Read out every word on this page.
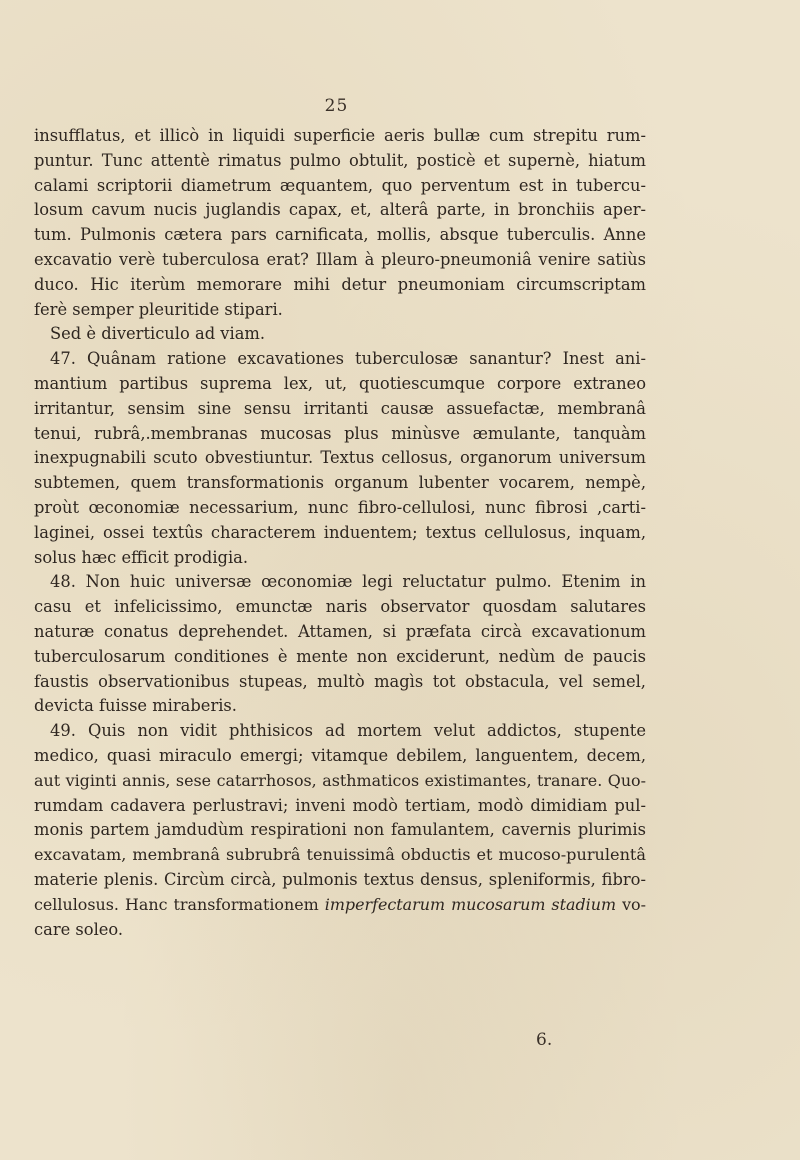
25
insufflatus, et illicò in liquidi superficie aeris bullæ cum strepitu rum-
puntur. Tunc attentè rimatus pulmo obtulit, posticè et supernè, hiatum
calami scriptorii diametrum æquantem, quo perventum est in tubercu-
losum cavum nucis juglandis capax, et, alterâ parte, in bronchiis aper-
tum. Pulmonis cætera pars carnificata, mollis, absque tuberculis. Anne
excavatio verè tuberculosa erat? Illam à pleuro-pneumoniâ venire satiùs
duco. Hic iterùm memorare mihi detur pneumoniam circumscriptam
ferè semper pleuritide stipari.
Sed è diverticulo ad viam.
47. Quânam ratione excavationes tuberculosæ sanantur? Inest ani-
mantium partibus suprema lex, ut, quotiescumque corpore extraneo
irritantur, sensim sine sensu irritanti causæ assuefactæ, membranâ
tenui, rubrâ,.membranas mucosas plus minùsve æmulante, tanquàm
inexpugnabili scuto obvestiuntur. Textus cellosus, organorum universum
subtemen, quem transformationis organum lubenter vocarem, nempè,
proùt œconomiæ necessarium, nunc fibro-cellulosi, nunc fibrosi ,carti-
laginei, ossei textûs characterem induentem; textus cellulosus, inquam,
solus hæc efficit prodigia.
48. Non huic universæ œconomiæ legi reluctatur pulmo. Etenim in
casu et infelicissimo, emunctæ naris observator quosdam salutares
naturæ conatus deprehendet. Attamen, si præfata circà excavationum
tuberculosarum conditiones è mente non exciderunt, nedùm de paucis
faustis observationibus stupeas, multò magìs tot obstacula, vel semel,
devicta fuisse miraberis.
49. Quis non vidit phthisicos ad mortem velut addictos, stupente
medico, quasi miraculo emergi; vitamque debilem, languentem, decem,
aut viginti annis, sese catarrhosos, asthmaticos existimantes, tranare. Quo-
rumdam cadavera perlustravi; inveni modò tertiam, modò dimidiam pul-
monis partem jamdudùm respirationi non famulantem, cavernis plurimis
excavatam, membranâ subrubrâ tenuissimâ obductis et mucoso-purulentâ
materie plenis. Circùm circà, pulmonis textus densus, spleniformis, fibro-
cellulosus. Hanc transformationem imperfectarum mucosarum stadium vo-
care soleo.
6.
